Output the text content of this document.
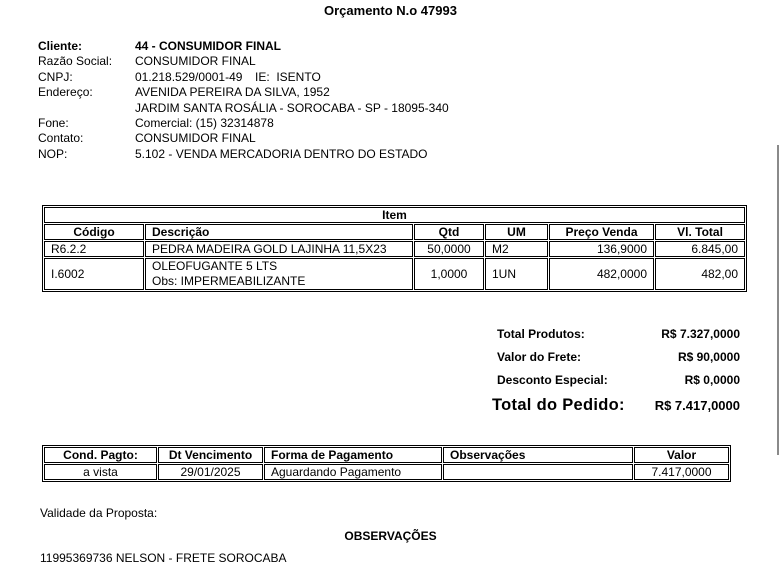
Orçamento N.o 47993
Cliente:	44 - CONSUMIDOR FINAL
Razão Social: CONSUMIDOR FINAL
CNPJ:	01.218.529/0001-49 IE:  ISENTO
Endereço:	AVENIDA PEREIRA DA SILVA, 1952
JARDIM SANTA ROSÁLIA - SOROCABA - SP - 18095-340
Fone:	Comercial: (15) 32314878
Contato:	CONSUMIDOR FINAL
NOP:	5.102 - VENDA MERCADORIA DENTRO DO ESTADO
Item					
Código	Descrição	Qtd	UM	Preço Venda	Vl. Total
R6.2.2	PEDRA MADEIRA GOLD LAJINHA 11,5X23	50,0000	M2	136,9000	6.845,00
I.6002	OLEOFUGANTE 5 LTS
Obs: IMPERMEABILIZANTE	1,0000	1UN	482,0000	482,00
Total Produtos:	R$ 7.327,0000
Valor do Frete:	R$ 90,0000
Desconto Especial:	R$ 0,0000
Total do Pedido: R$ 7.417,0000
Cond. Pagto:	Dt Vencimento	Forma de Pagamento	Observações	Valor
a vista	29/01/2025	Aguardando Pagamento		7.417,0000
Validade da Proposta:
OBSERVAÇÕES
11995369736 NELSON - FRETE SOROCABA
